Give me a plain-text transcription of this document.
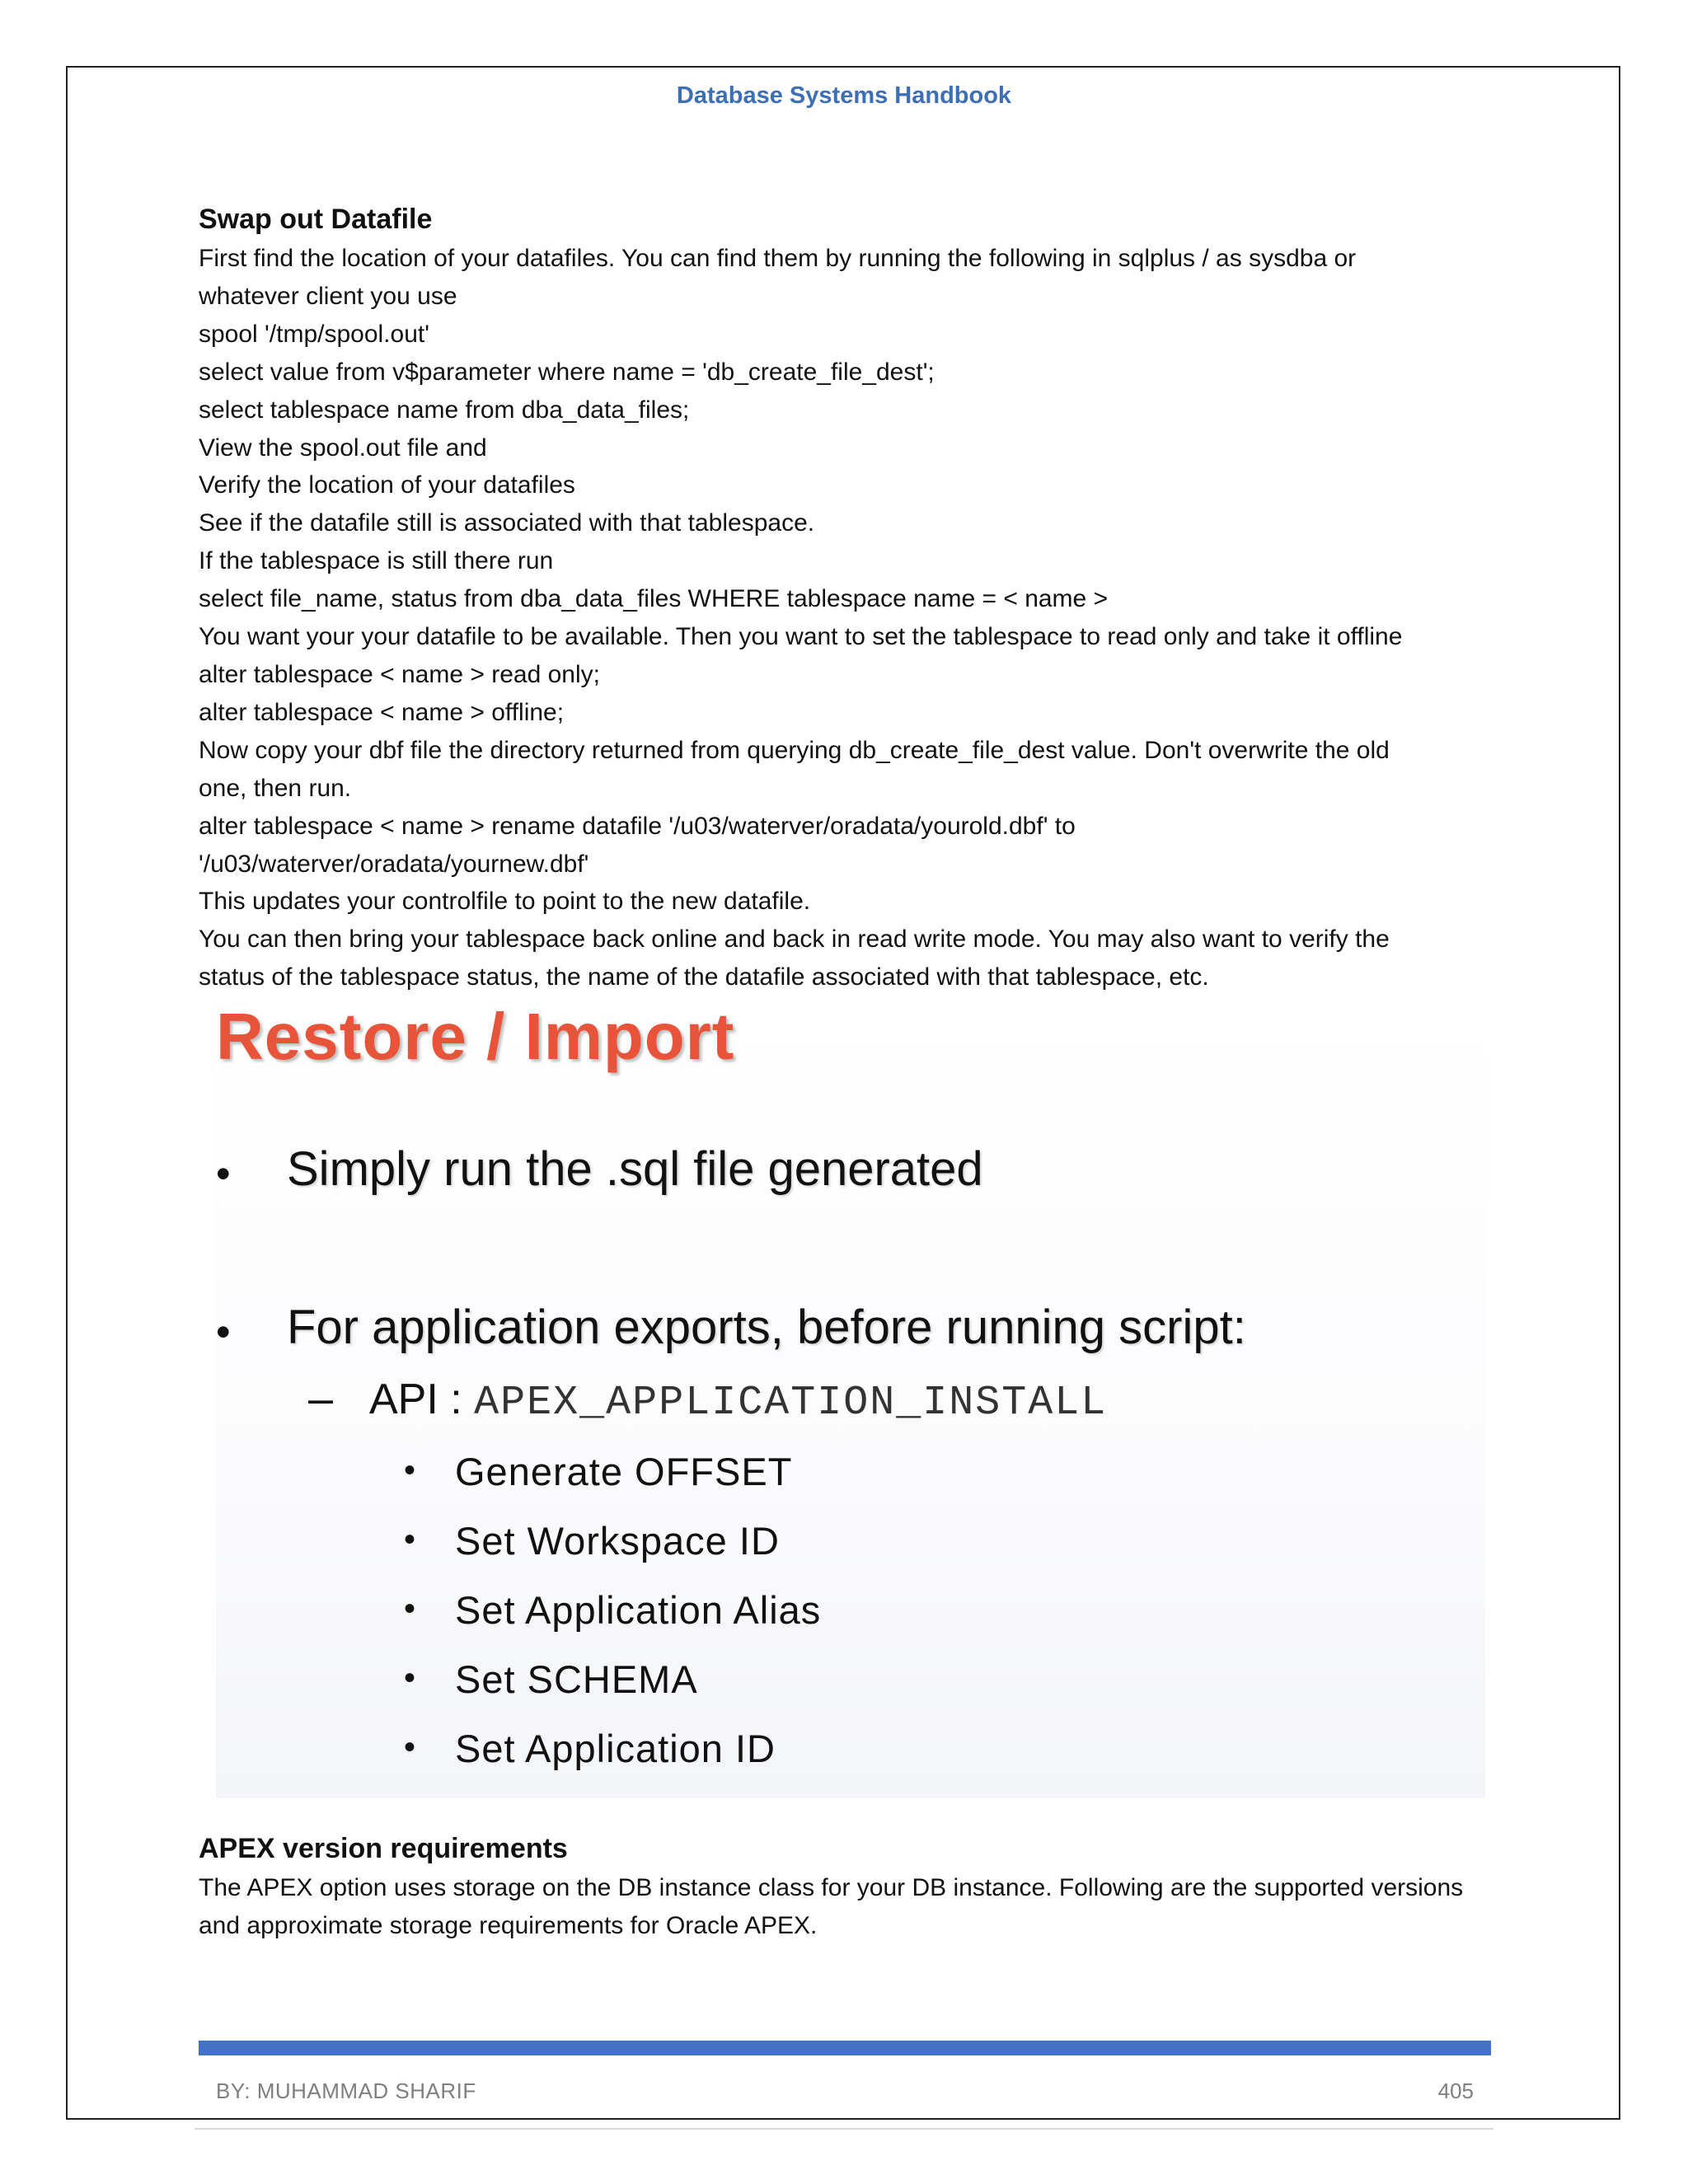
Database Systems Handbook
Swap out Datafile
First find the location of your datafiles. You can find them by running the following in sqlplus / as sysdba or
whatever client you use
spool '/tmp/spool.out'
select value from v$parameter where name = 'db_create_file_dest';
select tablespace name from dba_data_files;
View the spool.out file and
Verify the location of your datafiles
See if the datafile still is associated with that tablespace.
If the tablespace is still there run
select file_name, status from dba_data_files WHERE tablespace name = < name >
You want your your datafile to be available. Then you want to set the tablespace to read only and take it offline
alter tablespace < name > read only;
alter tablespace < name > offline;
Now copy your dbf file the directory returned from querying db_create_file_dest value. Don't overwrite the old
one, then run.
alter tablespace < name > rename datafile '/u03/waterver/oradata/yourold.dbf' to
'/u03/waterver/oradata/yournew.dbf'
This updates your controlfile to point to the new datafile.
You can then bring your tablespace back online and back in read write mode. You may also want to verify the
status of the tablespace status, the name of the datafile associated with that tablespace, etc.
Restore / Import
• Simply run the .sql file generated
• For application exports, before running script:
– API : APEX_APPLICATION_INSTALL
• Generate OFFSET
• Set Workspace ID
• Set Application Alias
• Set SCHEMA
• Set Application ID
APEX version requirements
The APEX option uses storage on the DB instance class for your DB instance. Following are the supported versions
and approximate storage requirements for Oracle APEX.
BY: MUHAMMAD SHARIF	405
